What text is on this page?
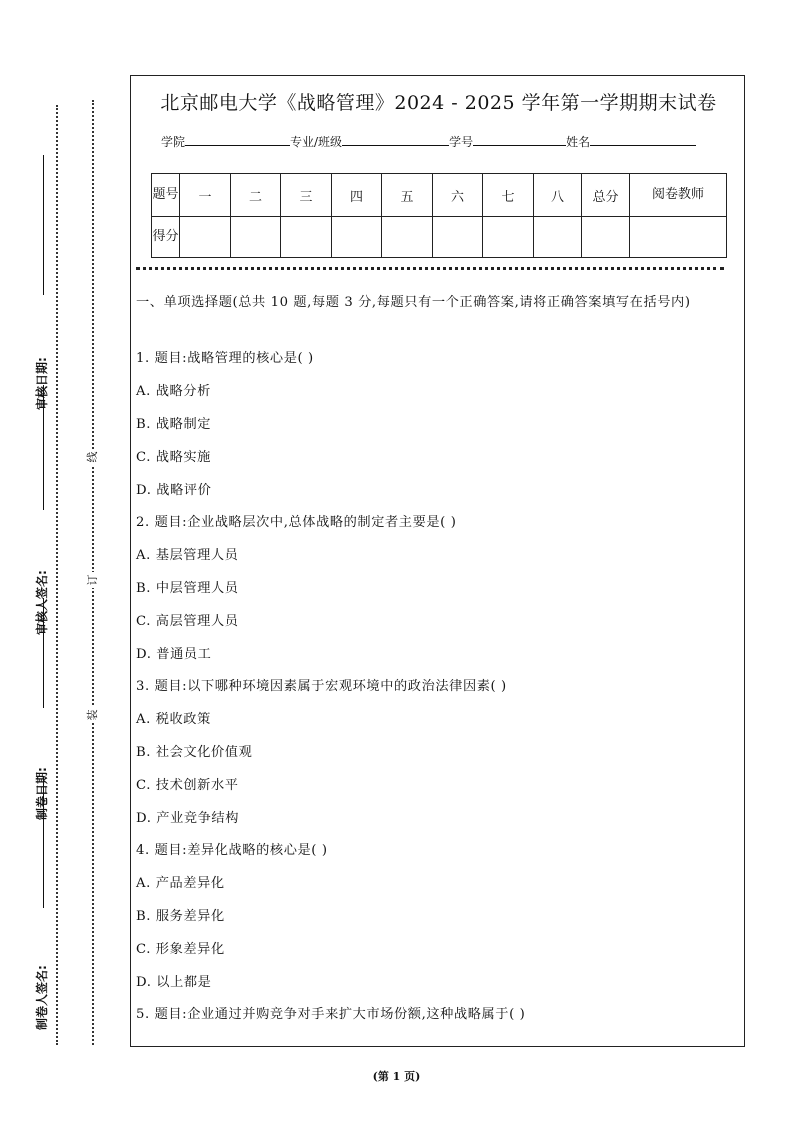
审核日期:
审核人签名:
制卷日期:
制卷人签名:
线
订
装
北京邮电大学《战略管理》2024 - 2025 学年第一学期期末试卷
学院	专业/班级	学号	姓名
题号	一	二	三	四	五	六	七	八	总分	阅卷教师
得分										
一、单项选择题(总共 10 题,每题 3 分,每题只有一个正确答案,请将正确答案填写在括号内)
1. 题目:战略管理的核心是( )
A. 战略分析
B. 战略制定
C. 战略实施
D. 战略评价
2. 题目:企业战略层次中,总体战略的制定者主要是( )
A. 基层管理人员
B. 中层管理人员
C. 高层管理人员
D. 普通员工
3. 题目:以下哪种环境因素属于宏观环境中的政治法律因素( )
A. 税收政策
B. 社会文化价值观
C. 技术创新水平
D. 产业竞争结构
4. 题目:差异化战略的核心是( )
A. 产品差异化
B. 服务差异化
C. 形象差异化
D. 以上都是
5. 题目:企业通过并购竞争对手来扩大市场份额,这种战略属于( )
(第 1 页)
